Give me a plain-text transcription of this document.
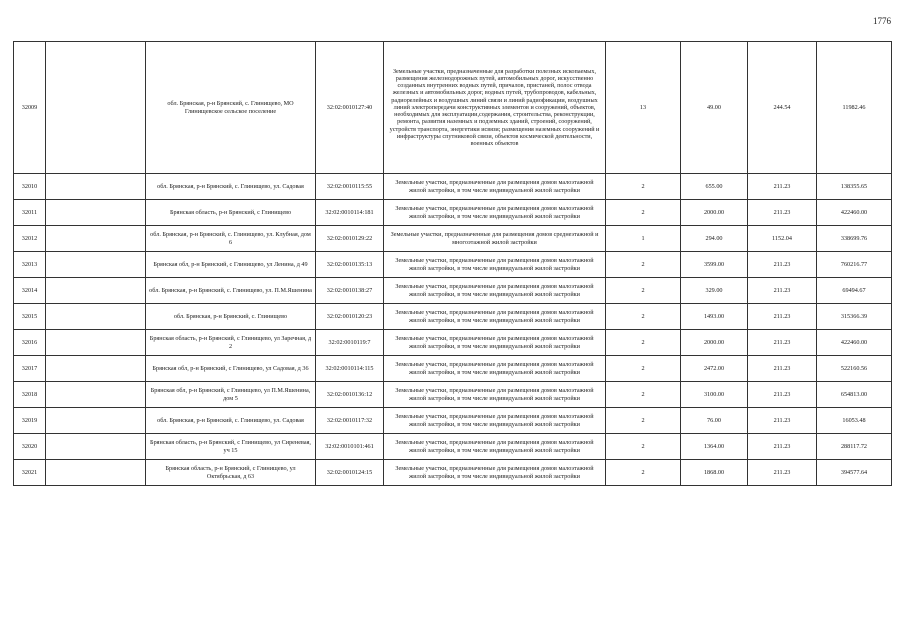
1776
32009		обл. Брянская, р-н Брянский, с. Глинищево, МО Глинищевское сельское поселение	32:02:0010127:40	Земельные участки, предназначенные для разработки полезных ископаемых, размещения железнодорожных путей, автомобильных дорог, искусственно созданных внутренних водных путей, причалов, пристаней, полос отвода железных и автомобильных дорог, водных путей, трубопроводов, кабельных, радиорелейных и воздушных линий связи и линий радиофикации, воздушных линий электропередачи конструктивных элементов и сооружений, объектов, необходимых для эксплуатации,содержания, строительства, реконструкции, ремонта, развития наземных и подземных зданий, строений, сооружений, устройств транспорта, энергетики исвязи; размещения наземных сооружений и инфраструктуры спутниковой связи, объектов космической деятельности, военных объектов	13	49.00	244.54	11982.46
32010		обл. Брянская, р-н Брянский, с. Глинищево, ул. Садовая	32:02:0010115:55	Земельные участки, предназначенные для размещения домов малоэтажной жилой застройки, в том числе индивидуальной жилой застройки	2	655.00	211.23	138355.65
32011		Брянская область, р-н Брянский, с Глинищево	32:02:0010114:181	Земельные участки, предназначенные для размещения домов малоэтажной жилой застройки, в том числе индивидуальной жилой застройки	2	2000.00	211.23	422460.00
32012		обл. Брянская, р-н Брянский, с. Глинищево, ул. Клубная, дом 6	32:02:0010129:22	Земельные участки, предназначенные для размещения домов среднеэтажной и многоэтажной жилой застройки	1	294.00	1152.04	338699.76
32013		Брянская обл, р-н Брянский, с Глинищево, ул Ленина, д 49	32:02:0010135:13	Земельные участки, предназначенные для размещения домов малоэтажной жилой застройки, в том числе индивидуальной жилой застройки	2	3599.00	211.23	760216.77
32014		обл. Брянская, р-н Брянский, с. Глинищево, ул. П.М.Яшенина	32:02:0010138:27	Земельные участки, предназначенные для размещения домов малоэтажной жилой застройки, в том числе индивидуальной жилой застройки	2	329.00	211.23	69494.67
32015		обл. Брянская, р-н Брянский, с. Глинищево	32:02:0010120:23	Земельные участки, предназначенные для размещения домов малоэтажной жилой застройки, в том числе индивидуальной жилой застройки	2	1493.00	211.23	315366.39
32016		Брянская область, р-н Брянский, с Глинищево, ул Заречная, д 2	32:02:0010119:7	Земельные участки, предназначенные для размещения домов малоэтажной жилой застройки, в том числе индивидуальной жилой застройки	2	2000.00	211.23	422460.00
32017		Брянская обл, р-н Брянский, с Глинищево, ул Садовая, д 36	32:02:0010114:115	Земельные участки, предназначенные для размещения домов малоэтажной жилой застройки, в том числе индивидуальной жилой застройки	2	2472.00	211.23	522160.56
32018		Брянская обл, р-н Брянский, с Глинищево, ул П.М.Яшенина, дом 5	32:02:0010136:12	Земельные участки, предназначенные для размещения домов малоэтажной жилой застройки, в том числе индивидуальной жилой застройки	2	3100.00	211.23	654813.00
32019		обл. Брянская, р-н Брянский, с. Глинищево, ул. Садовая	32:02:0010117:32	Земельные участки, предназначенные для размещения домов малоэтажной жилой застройки, в том числе индивидуальной жилой застройки	2	76.00	211.23	16053.48
32020		Брянская область, р-н Брянский, с Глинищево, ул Сиреневая, уч 15	32:02:0010101:461	Земельные участки, предназначенные для размещения домов малоэтажной жилой застройки, в том числе индивидуальной жилой застройки	2	1364.00	211.23	288117.72
32021		Брянская область, р-н Брянский, с Глинищево, ул Октябрьская, д 63	32:02:0010124:15	Земельные участки, предназначенные для размещения домов малоэтажной жилой застройки, в том числе индивидуальной жилой застройки	2	1868.00	211.23	394577.64
